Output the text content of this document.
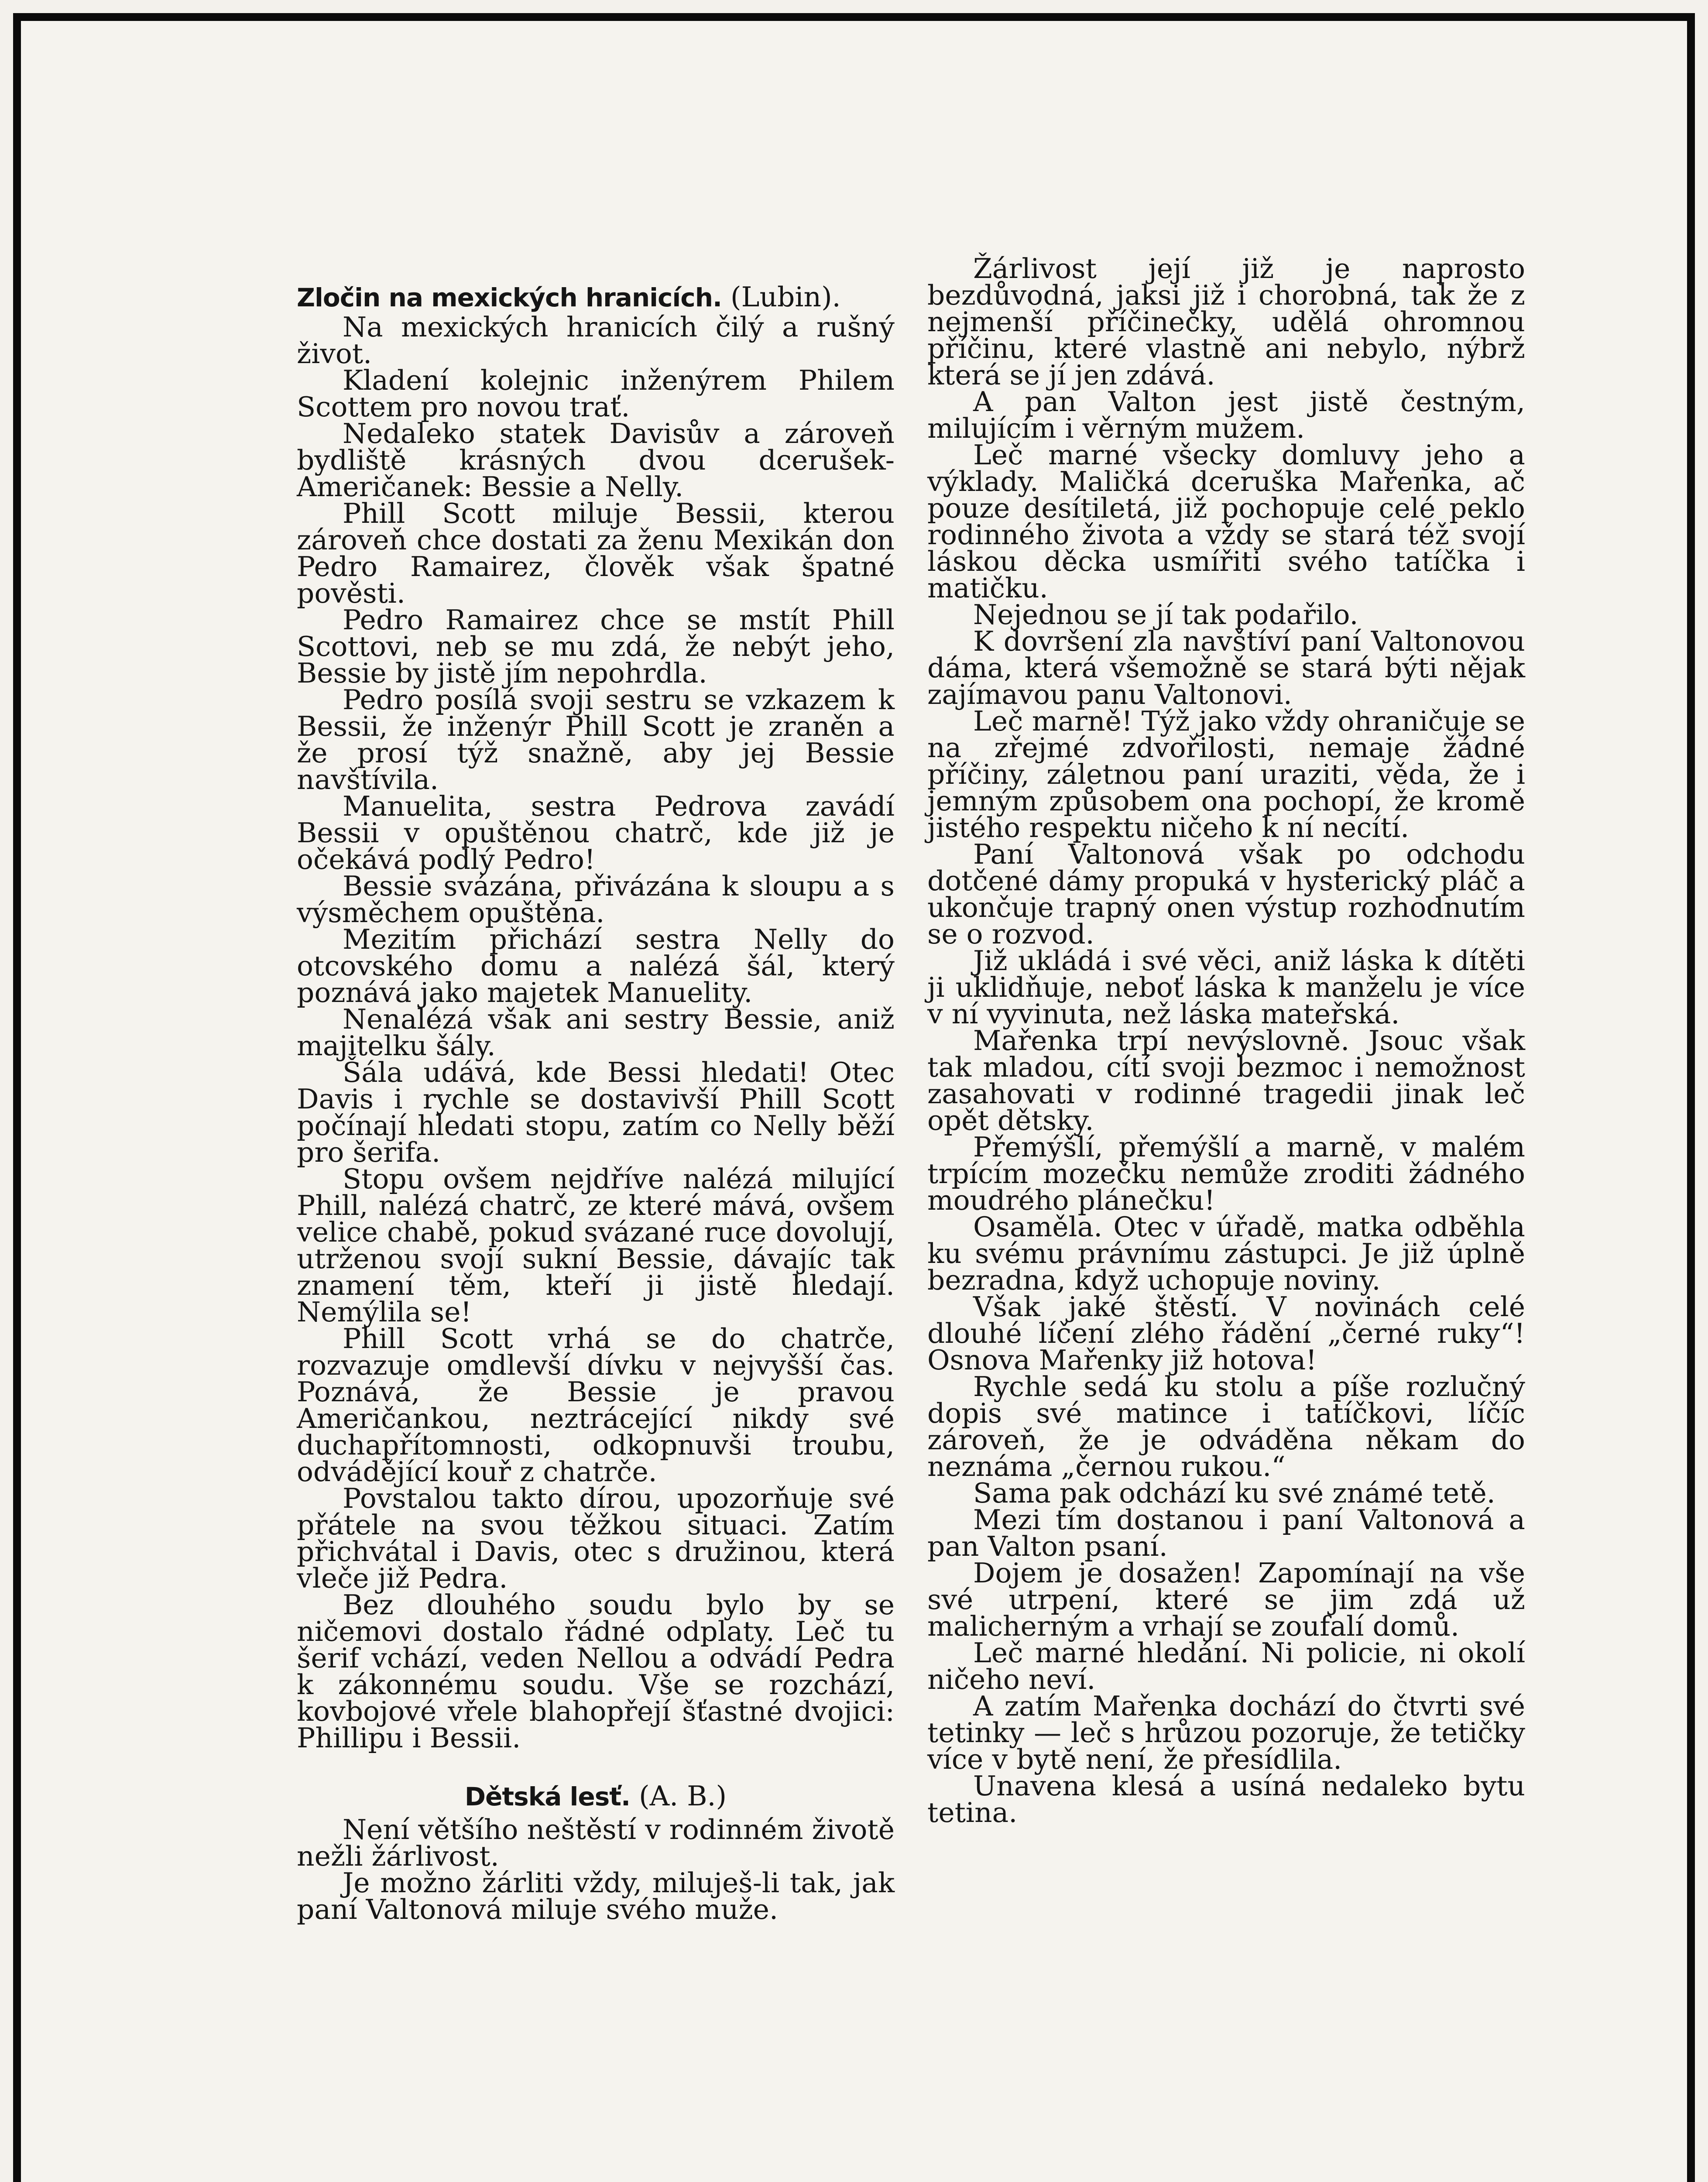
Zločin na mexických hranicích. (Lubin).

Na mexických hranicích čilý a rušný život.

Kladení kolejnic inženýrem Philem Scottem pro novou trať.

Nedaleko statek Davisův a zároveň bydliště krásných dvou dcerušek-Američanek: Bessie a Nelly.

Phill Scott miluje Bessii, kterou zároveň chce dostati za ženu Mexikán don Pedro Ramairez, člověk však špatné pověsti.

Pedro Ramairez chce se mstít Phill Scottovi, neb se mu zdá, že nebýt jeho, Bessie by jistě jím nepohrdla.

Pedro posílá svoji sestru se vzkazem k Bessii, že inženýr Phill Scott je zraněn a že prosí týž snažně, aby jej Bessie navštívila.

Manuelita, sestra Pedrova zavádí Bessii v opuštěnou chatrč, kde již je očekává podlý Pedro!

Bessie svázána, přivázána k sloupu a s výsměchem opuštěna.

Mezitím přichází sestra Nelly do otcovského domu a nalézá šál, který poznává jako majetek Manuelity.

Nenalézá však ani sestry Bessie, aniž majitelku šály.

Šála udává, kde Bessi hledati! Otec Davis i rychle se dostavivší Phill Scott počínají hledati stopu, zatím co Nelly běží pro šerifa.

Stopu ovšem nejdříve nalézá milující Phill, nalézá chatrč, ze které mává, ovšem velice chabě, pokud svázané ruce dovolují, utrženou svojí sukní Bessie, dávajíc tak znamení těm, kteří ji jistě hledají. Nemýlila se!

Phill Scott vrhá se do chatrče, rozvazuje omdlevší dívku v nejvyšší čas. Poznává, že Bessie je pravou Američankou, neztrácející nikdy své duchapřítomnosti, odkopnuvši troubu, odvádějící kouř z chatrče.

Povstalou takto dírou, upozorňuje své přátele na svou těžkou situaci. Zatím přichvátal i Davis, otec s družinou, která vleče již Pedra.

Bez dlouhého soudu bylo by se ničemovi dostalo řádné odplaty. Leč tu šerif vchází, veden Nellou a odvádí Pedra k zákonnému soudu. Vše se rozchází, kovbojové vřele blahopřejí šťastné dvojici: Phillipu i Bessii.

Dětská lesť. (A. B.)

Není většího neštěstí v rodinném životě nežli žárlivost.

Je možno žárliti vždy, miluješ-li tak, jak paní Valtonová miluje svého muže.

Žárlivost její již je naprosto bezdůvodná, jaksi již i chorobná, tak že z nejmenší příčinečky, udělá ohromnou příčinu, které vlastně ani nebylo, nýbrž která se jí jen zdává.

A pan Valton jest jistě čestným, milujícím i věrným mužem.

Leč marné všecky domluvy jeho a výklady. Maličká dceruška Mařenka, ač pouze desítiletá, již pochopuje celé peklo rodinného života a vždy se stará též svojí láskou děcka usmířiti svého tatíčka i matičku.

Nejednou se jí tak podařilo.

K dovršení zla navštíví paní Valtonovou dáma, která všemožně se stará býti nějak zajímavou panu Valtonovi.

Leč marně! Týž jako vždy ohraničuje se na zřejmé zdvořilosti, nemaje žádné příčiny, záletnou paní uraziti, věda, že i jemným způsobem ona pochopí, že kromě jistého respektu ničeho k ní necítí.

Paní Valtonová však po odchodu dotčené dámy propuká v hysterický pláč a ukončuje trapný onen výstup rozhodnutím se o rozvod.

Již ukládá i své věci, aniž láska k dítěti ji uklidňuje, neboť láska k manželu je více v ní vyvinuta, než láska mateřská.

Mařenka trpí nevýslovně. Jsouc však tak mladou, cítí svoji bezmoc i nemožnost zasahovati v rodinné tragedii jinak leč opět dětsky.

Přemýšlí, přemýšlí a marně, v malém trpícím mozečku nemůže zroditi žádného moudrého plánečku!

Osaměla. Otec v úřadě, matka odběhla ku svému právnímu zástupci. Je již úplně bezradna, když uchopuje noviny.

Však jaké štěstí. V novinách celé dlouhé líčení zlého řádění „černé ruky“! Osnova Mařenky již hotova!

Rychle sedá ku stolu a píše rozlučný dopis své matince i tatíčkovi, líčíc zároveň, že je odváděna někam do neznáma „černou rukou.“

Sama pak odchází ku své známé tetě.

Mezi tím dostanou i paní Valtonová a pan Valton psaní.

Dojem je dosažen! Zapomínají na vše své utrpení, které se jim zdá už malicherným a vrhají se zoufalí domů.

Leč marné hledání. Ni policie, ni okolí ničeho neví.

A zatím Mařenka dochází do čtvrti své tetinky — leč s hrůzou pozoruje, že tetičky více v bytě není, že přesídlila.

Unavena klesá a usíná nedaleko bytu tetina.
